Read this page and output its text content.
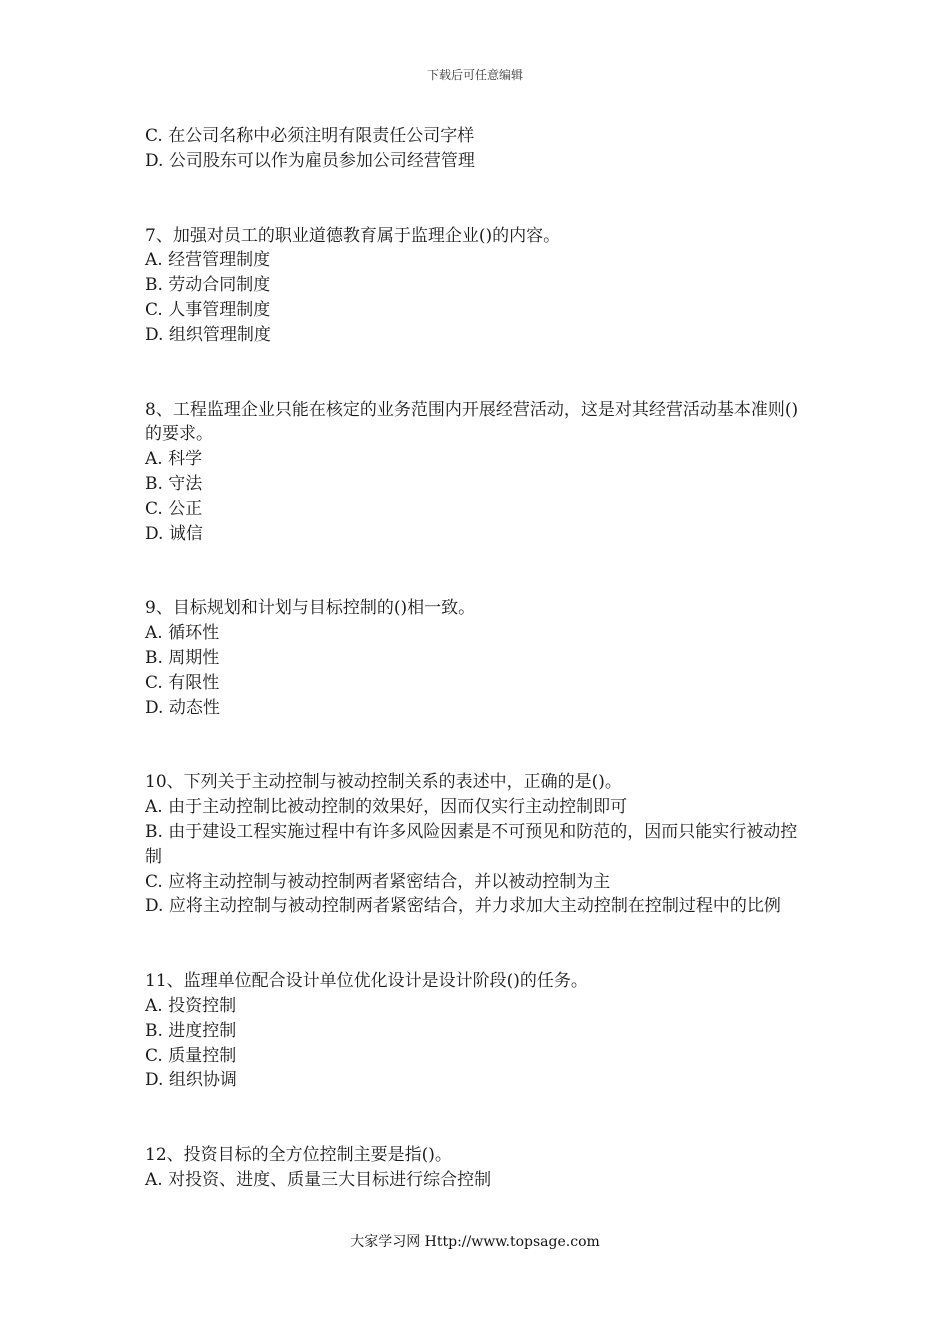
下载后可任意编辑

C. 在公司名称中必须注明有限责任公司字样

D. 公司股东可以作为雇员参加公司经营管理

7、加强对员工的职业道德教育属于监理企业()的内容。

A. 经营管理制度

B. 劳动合同制度

C. 人事管理制度

D. 组织管理制度

8、工程监理企业只能在核定的业务范围内开展经营活动，这是对其经营活动基本准则()的要求。

A. 科学

B. 守法

C. 公正

D. 诚信

9、目标规划和计划与目标控制的()相一致。

A. 循环性

B. 周期性

C. 有限性

D. 动态性

10、下列关于主动控制与被动控制关系的表述中，正确的是()。

A. 由于主动控制比被动控制的效果好，因而仅实行主动控制即可

B. 由于建设工程实施过程中有许多风险因素是不可预见和防范的，因而只能实行被动控制

C. 应将主动控制与被动控制两者紧密结合，并以被动控制为主

D. 应将主动控制与被动控制两者紧密结合，并力求加大主动控制在控制过程中的比例

11、监理单位配合设计单位优化设计是设计阶段()的任务。

A. 投资控制

B. 进度控制

C. 质量控制

D. 组织协调

12、投资目标的全方位控制主要是指()。

A. 对投资、进度、质量三大目标进行综合控制

大家学习网 Http://www.topsage.com
